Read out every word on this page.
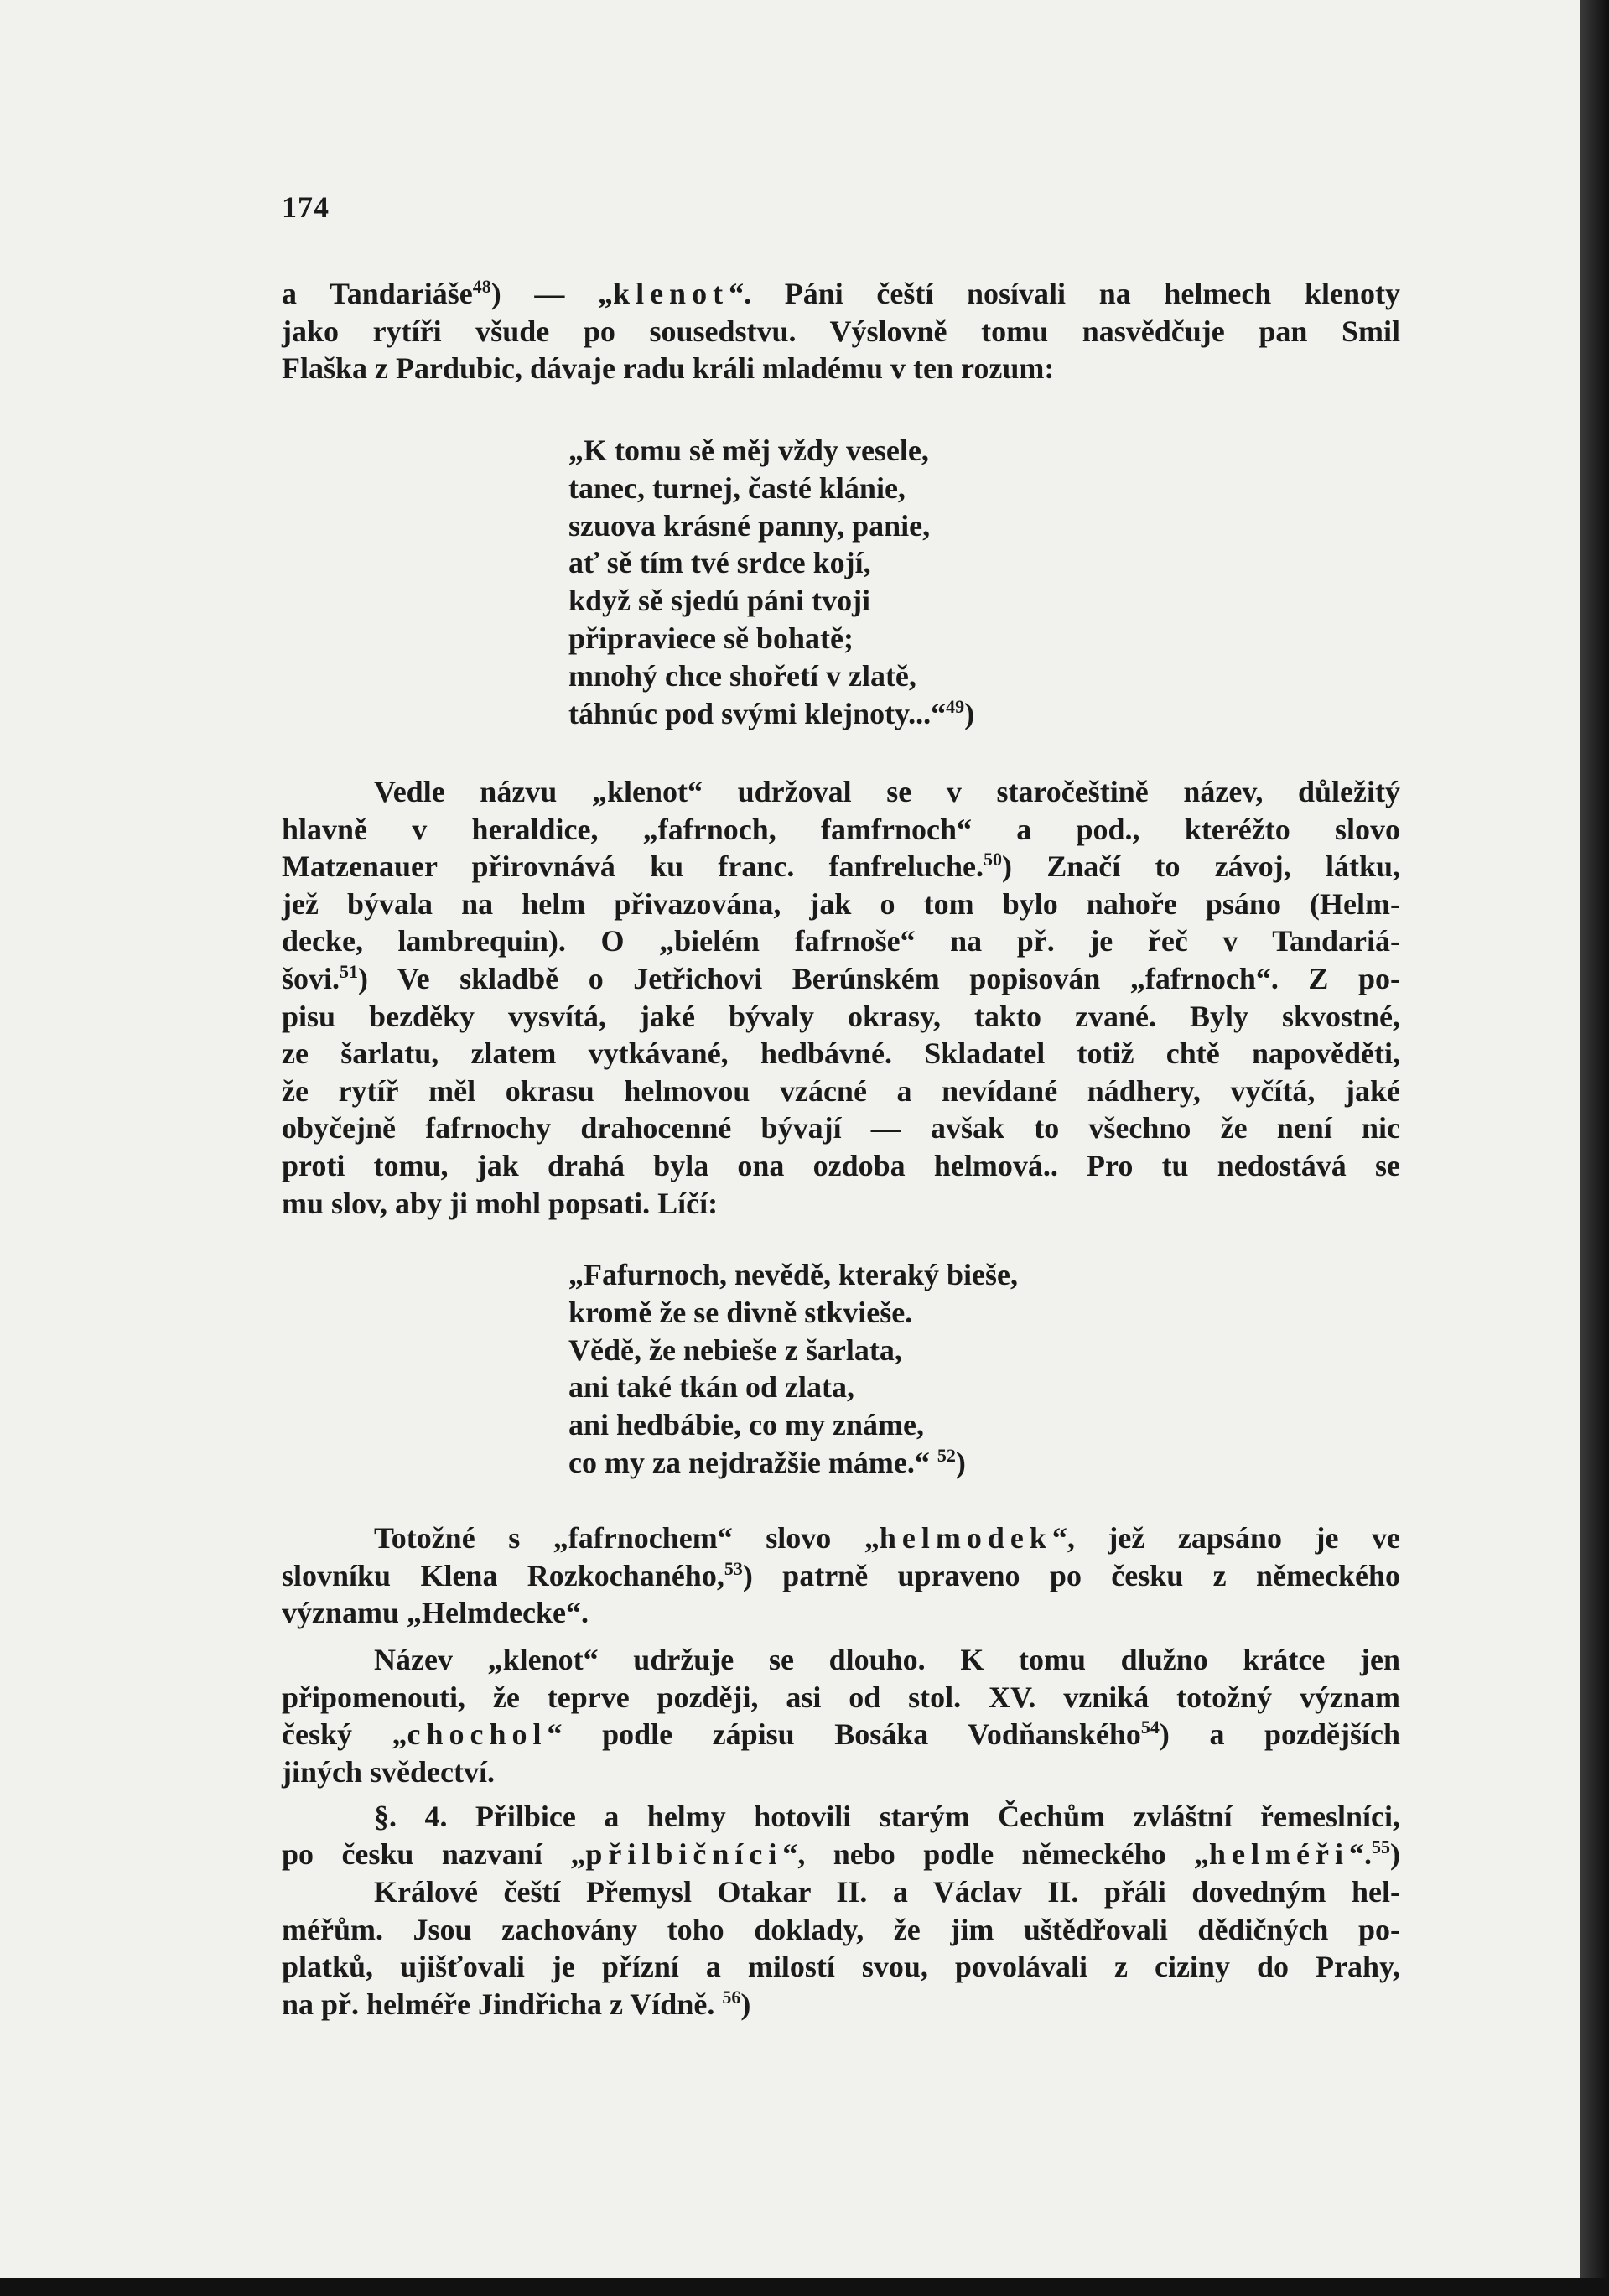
174
a Tandariáše$^{48}$) — „klenot“. Páni čeští nosívali na helmech klenoty
jako rytíři všude po sousedstvu. Výslovně tomu nasvědčuje pan Smil
Flaška z Pardubic, dávaje radu králi mladému v ten rozum:
„K tomu sě měj vždy vesele,
tanec, turnej, časté klánie,
szuova krásné panny, panie,
ať sě tím tvé srdce kojí,
když sě sjedú páni tvoji
připraviece sě bohatě;
mnohý chce shořetí v zlatě,
táhnúc pod svými klejnoty...“$^{49}$)
Vedle názvu „klenot“ udržoval se v staročeštině název, důležitý
hlavně v heraldice, „fafrnoch, famfrnoch“ a pod., kteréžto slovo
Matzenauer přirovnává ku franc. fanfreluche.$^{50}$) Značí to závoj, látku,
jež bývala na helm přivazována, jak o tom bylo nahoře psáno (Helm-
decke, lambrequin). O „bielém fafrnoše“ na př. je řeč v Tandariá-
šovi.$^{51}$) Ve skladbě o Jetřichovi Berúnském popisován „fafrnoch“. Z po-
pisu bezděky vysvítá, jaké bývaly okrasy, takto zvané. Byly skvostné,
ze šarlatu, zlatem vytkávané, hedbávné. Skladatel totiž chtě napověděti,
že rytíř měl okrasu helmovou vzácné a nevídané nádhery, vyčítá, jaké
obyčejně fafrnochy drahocenné bývají — avšak to všechno že není nic
proti tomu, jak drahá byla ona ozdoba helmová.. Pro tu nedostává se
mu slov, aby ji mohl popsati. Líčí:
„Fafurnoch, nevědě, kteraký bieše,
kromě že se divně stkvieše.
Vědě, že nebieše z šarlata,
ani také tkán od zlata,
ani hedbábie, co my známe,
co my za nejdražšie máme.“ $^{52}$)
Totožné s „fafrnochem“ slovo „helmodek“, jež zapsáno je ve
slovníku Klena Rozkochaného,$^{53}$) patrně upraveno po česku z německého
významu „Helmdecke“.
Název „klenot“ udržuje se dlouho. K tomu dlužno krátce jen
připomenouti, že teprve později, asi od stol. XV. vzniká totožný význam
český „chochol“ podle zápisu Bosáka Vodňanského$^{54}$) a pozdějších
jiných svědectví.
§. 4. Přilbice a helmy hotovili starým Čechům zvláštní řemeslníci,
po česku nazvaní „přilbičníci“, nebo podle německého „helméři“.$^{55}$)
Králové čeští Přemysl Otakar II. a Václav II. přáli dovedným hel-
méřům. Jsou zachovány toho doklady, že jim uštědřovali dědičných po-
platků, ujišťovali je přízní a milostí svou, povolávali z ciziny do Prahy,
na př. helméře Jindřicha z Vídně. $^{56}$)
